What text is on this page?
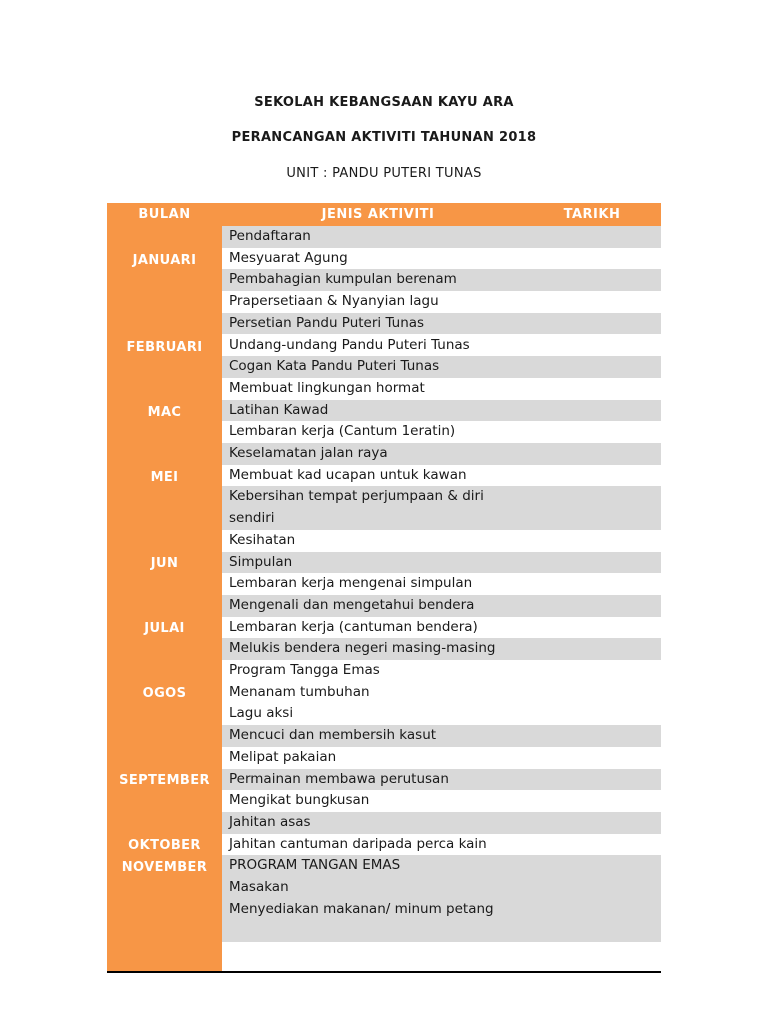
SEKOLAH KEBANGSAAN KAYU ARA
PERANCANGAN AKTIVITI TAHUNAN 2018
UNIT : PANDU PUTERI TUNAS
BULAN	JENIS AKTIVITI	TARIKH
JANUARI
FEBRUARI
MAC
MEI
JUN
JULAI
OGOS
SEPTEMBER
OKTOBER
NOVEMBER
Pendaftaran
Mesyuarat Agung
Pembahagian kumpulan berenam
Prapersetiaan & Nyanyian lagu
Persetian Pandu Puteri Tunas
Undang-undang Pandu Puteri Tunas
Cogan Kata Pandu Puteri Tunas
Membuat lingkungan hormat
Latihan Kawad
Lembaran kerja (Cantum 1eratin)
Keselamatan jalan raya
Membuat kad ucapan untuk kawan
Kebersihan tempat perjumpaan & diri sendiri
Kesihatan
Simpulan
Lembaran kerja mengenai simpulan
Mengenali dan mengetahui bendera
Lembaran kerja (cantuman bendera)
Melukis bendera negeri masing-masing
Program Tangga Emas
Menanam tumbuhan
Lagu aksi
Mencuci dan membersih kasut
Melipat pakaian
Permainan membawa perutusan
Mengikat bungkusan
Jahitan asas
Jahitan cantuman daripada perca kain
PROGRAM TANGAN EMAS
Masakan
Menyediakan makanan/ minum petang
